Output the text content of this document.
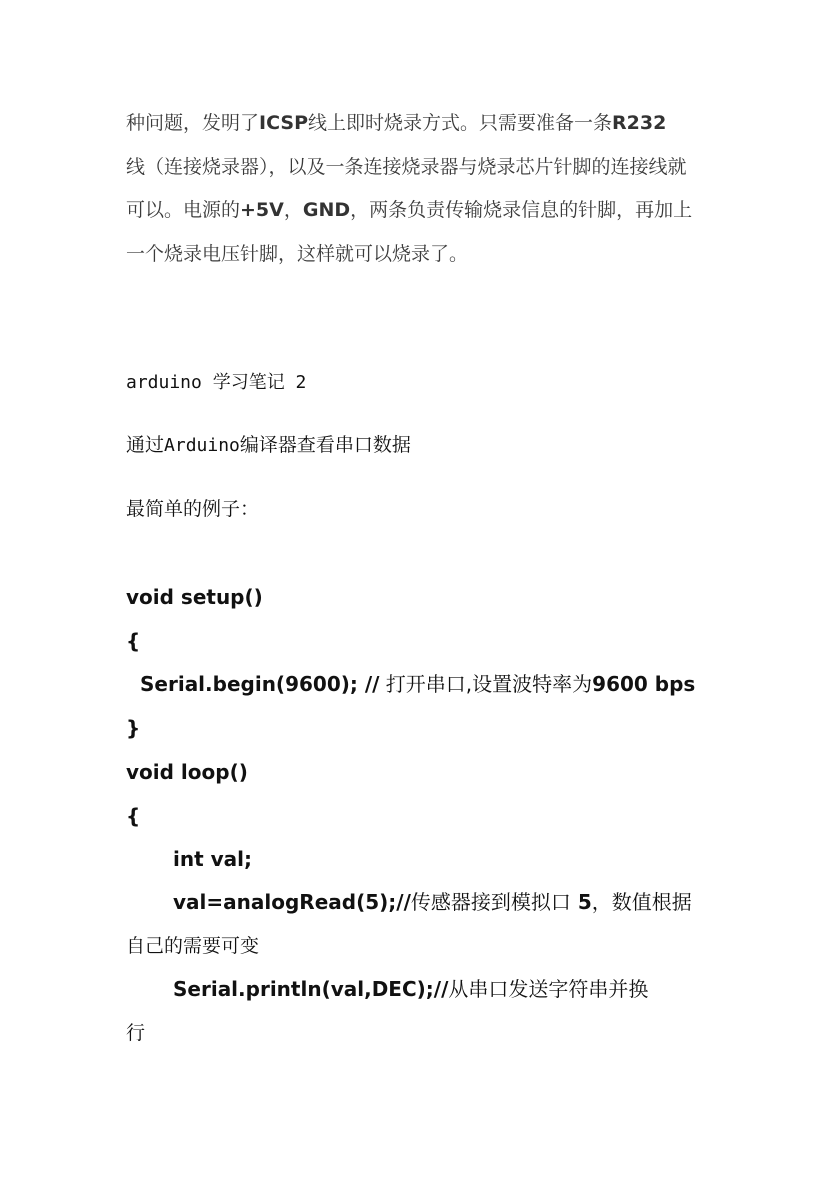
种问题，发明了ICSP线上即时烧录方式。只需要准备一条R232
线（连接烧录器），以及一条连接烧录器与烧录芯片针脚的连接线就
可以。电源的+5V，GND，两条负责传输烧录信息的针脚，再加上
一个烧录电压针脚，这样就可以烧录了。
arduino 学习笔记 2
通过Arduino编译器查看串口数据
最简单的例子：
void setup()
{
Serial.begin(9600); // 打开串口,设置波特率为9600 bps
}
void loop()
{
int val;
val=analogRead(5);//传感器接到模拟口 5，数值根据
自己的需要可变
Serial.println(val,DEC);//从串口发送字符串并换
行
